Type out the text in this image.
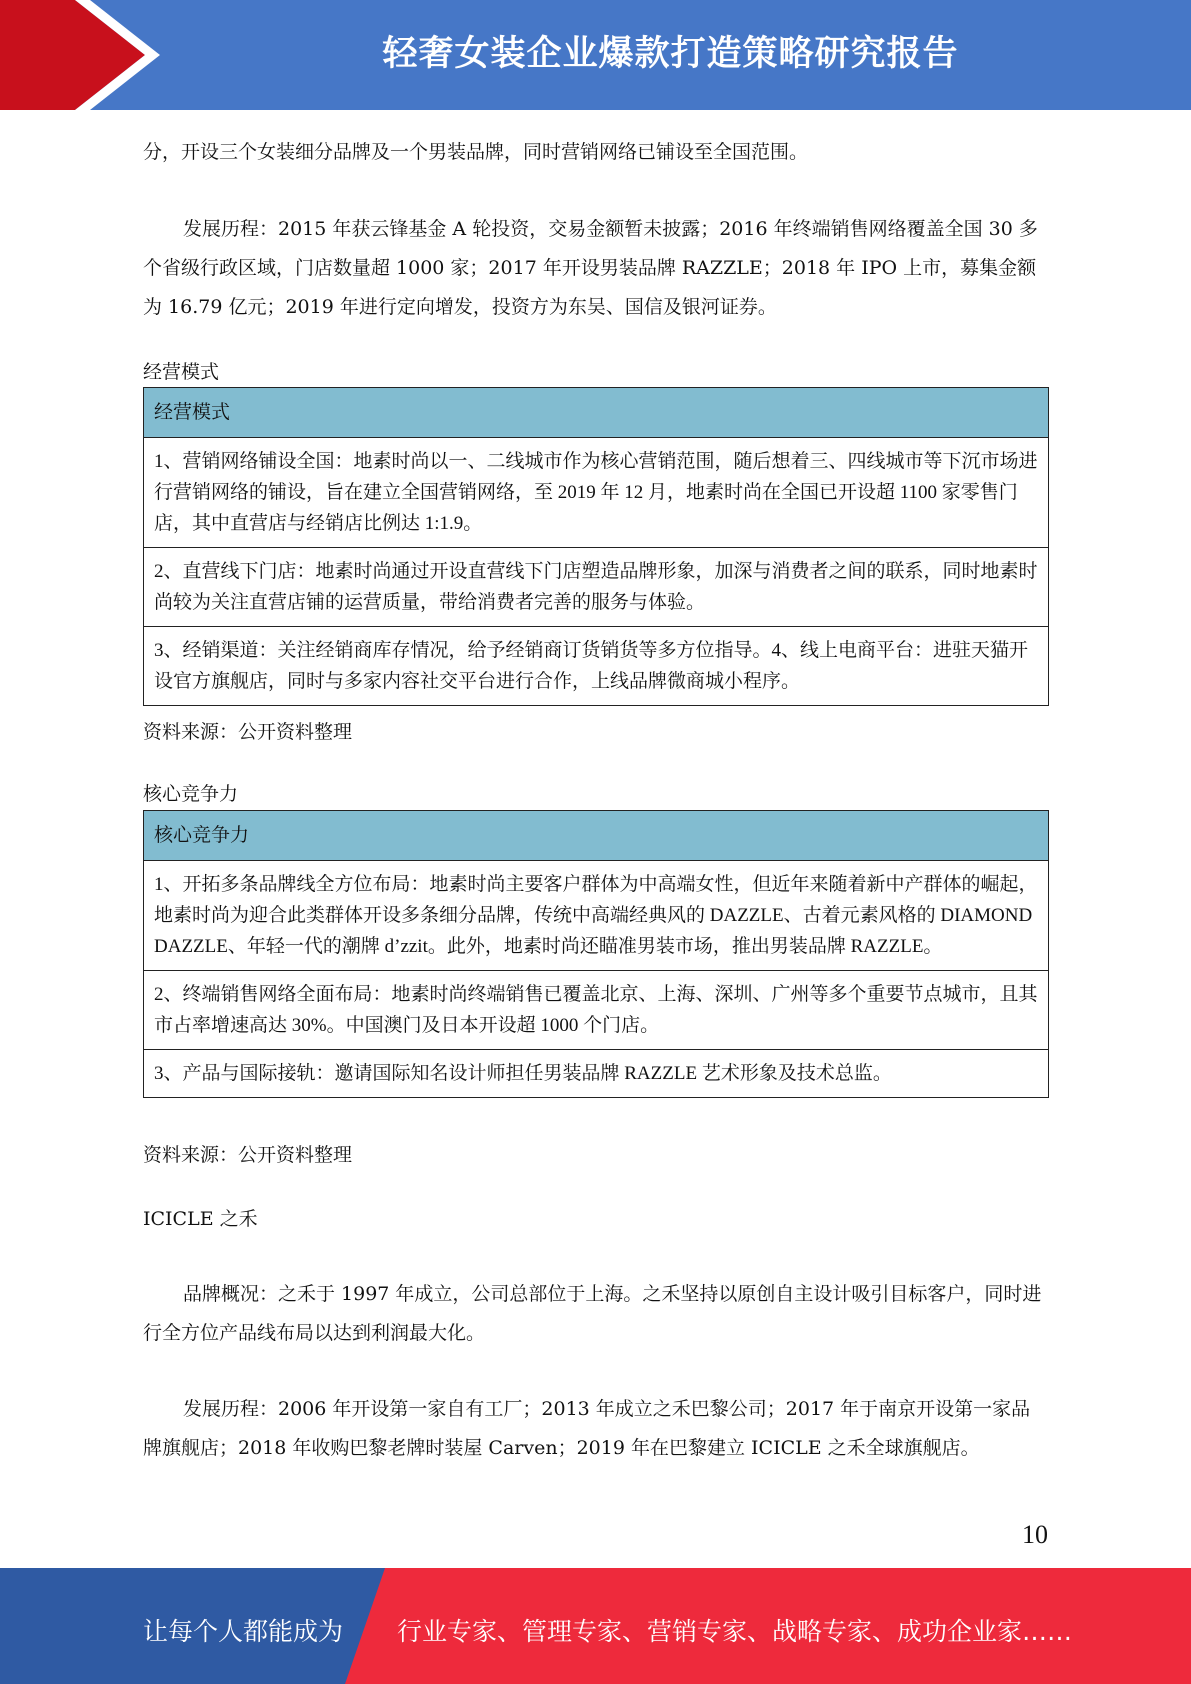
轻奢女装企业爆款打造策略研究报告

分，开设三个女装细分品牌及一个男装品牌，同时营销网络已铺设至全国范围。

发展历程：2015 年获云锋基金 A 轮投资，交易金额暂未披露；2016 年终端销售网络覆盖全国 30 多个省级行政区域，门店数量超 1000 家；2017 年开设男装品牌 RAZZLE；2018 年 IPO 上市，募集金额为 16.79 亿元；2019 年进行定向增发，投资方为东吴、国信及银河证券。

经营模式

经营模式
1、营销网络铺设全国：地素时尚以一、二线城市作为核心营销范围，随后想着三、四线城市等下沉市场进行营销网络的铺设，旨在建立全国营销网络，至 2019 年 12 月，地素时尚在全国已开设超 1100 家零售门店，其中直营店与经销店比例达 1:1.9。
2、直营线下门店：地素时尚通过开设直营线下门店塑造品牌形象，加深与消费者之间的联系，同时地素时尚较为关注直营店铺的运营质量，带给消费者完善的服务与体验。
3、经销渠道：关注经销商库存情况，给予经销商订货销货等多方位指导。4、线上电商平台：进驻天猫开设官方旗舰店，同时与多家内容社交平台进行合作，上线品牌微商城小程序。

资料来源：公开资料整理

核心竞争力

核心竞争力
1、开拓多条品牌线全方位布局：地素时尚主要客户群体为中高端女性，但近年来随着新中产群体的崛起，地素时尚为迎合此类群体开设多条细分品牌，传统中高端经典风的 DAZZLE、古着元素风格的 DIAMOND DAZZLE、年轻一代的潮牌 d’zzit。此外，地素时尚还瞄准男装市场，推出男装品牌 RAZZLE。
2、终端销售网络全面布局：地素时尚终端销售已覆盖北京、上海、深圳、广州等多个重要节点城市，且其市占率增速高达 30%。中国澳门及日本开设超 1000 个门店。
3、产品与国际接轨：邀请国际知名设计师担任男装品牌 RAZZLE 艺术形象及技术总监。

资料来源：公开资料整理

ICICLE 之禾

品牌概况：之禾于 1997 年成立，公司总部位于上海。之禾坚持以原创自主设计吸引目标客户，同时进行全方位产品线布局以达到利润最大化。

发展历程：2006 年开设第一家自有工厂；2013 年成立之禾巴黎公司；2017 年于南京开设第一家品牌旗舰店；2018 年收购巴黎老牌时装屋 Carven；2019 年在巴黎建立 ICICLE 之禾全球旗舰店。

10
让每个人都能成为 行业专家、管理专家、营销专家、战略专家、成功企业家……
